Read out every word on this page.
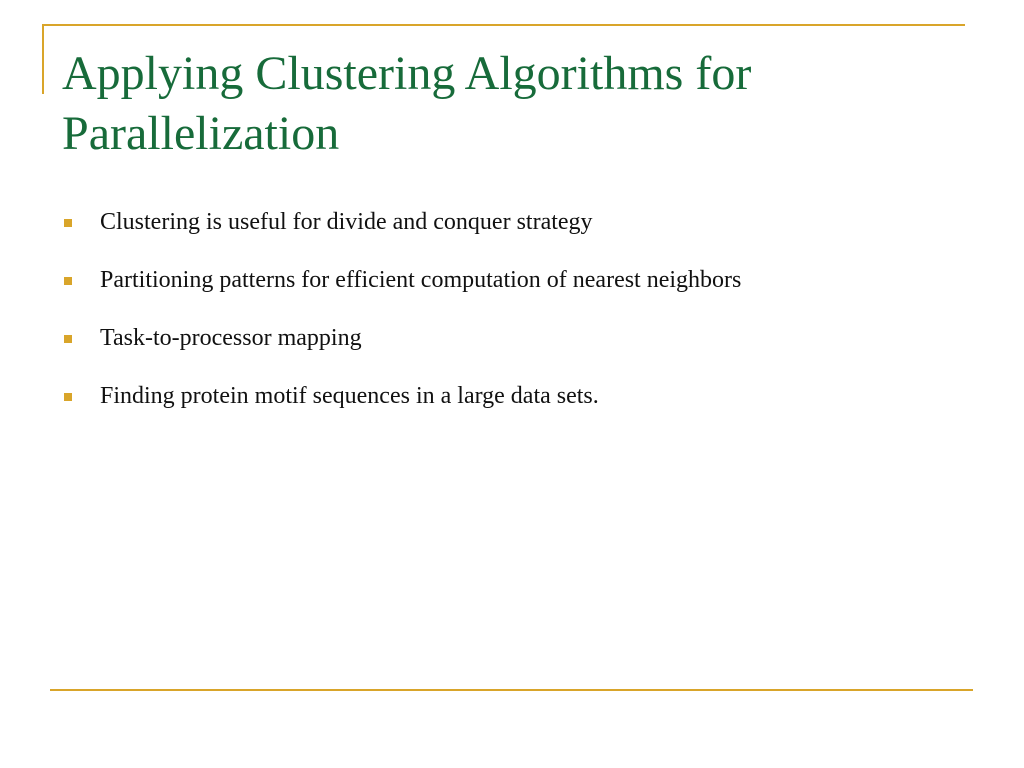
Applying Clustering Algorithms for Parallelization
Clustering is useful for divide and conquer strategy
Partitioning patterns for efficient computation of nearest neighbors
Task-to-processor mapping
Finding protein motif sequences in a large data sets.
